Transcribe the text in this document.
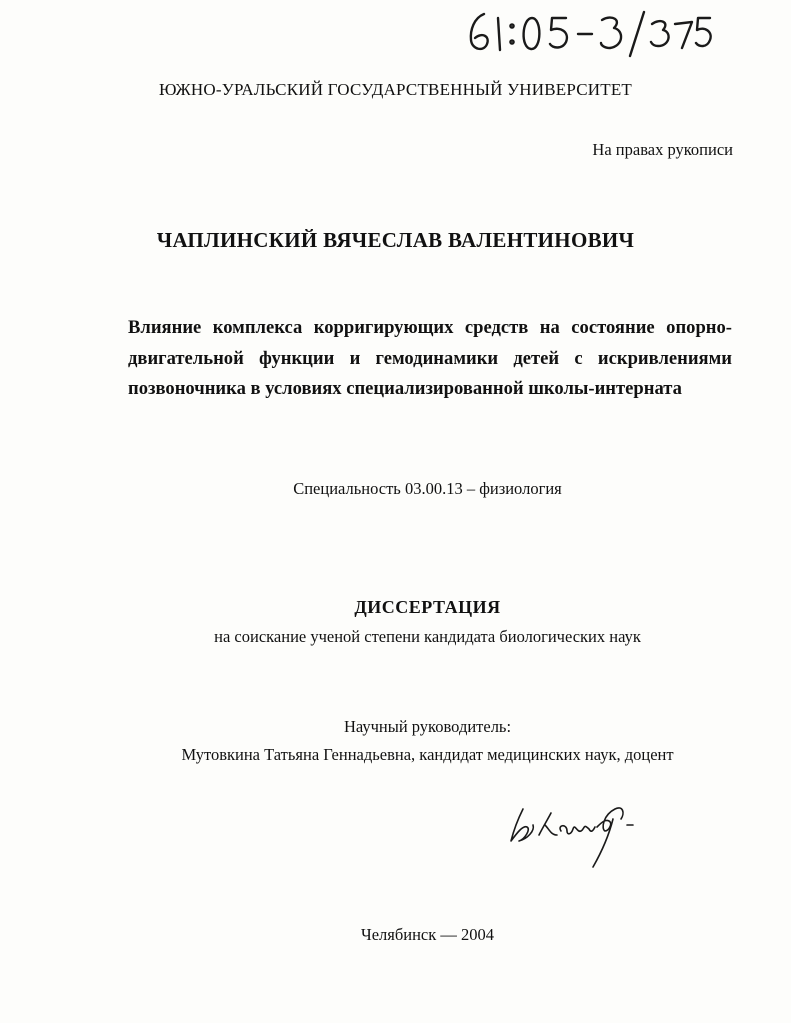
ЮЖНО-УРАЛЬСКИЙ ГОСУДАРСТВЕННЫЙ УНИВЕРСИТЕТ
На правах рукописи
ЧАПЛИНСКИЙ ВЯЧЕСЛАВ ВАЛЕНТИНОВИЧ
Влияние комплекса корригирующих средств на состояние опорно-двигательной функции и гемодинамики детей с искривлениями позвоночника в условиях специализированной школы-интерната
Специальность 03.00.13 – физиология
ДИССЕРТАЦИЯ
на соискание ученой степени кандидата биологических наук
Научный руководитель:
Мутовкина Татьяна Геннадьевна, кандидат медицинских наук, доцент
Челябинск — 2004
